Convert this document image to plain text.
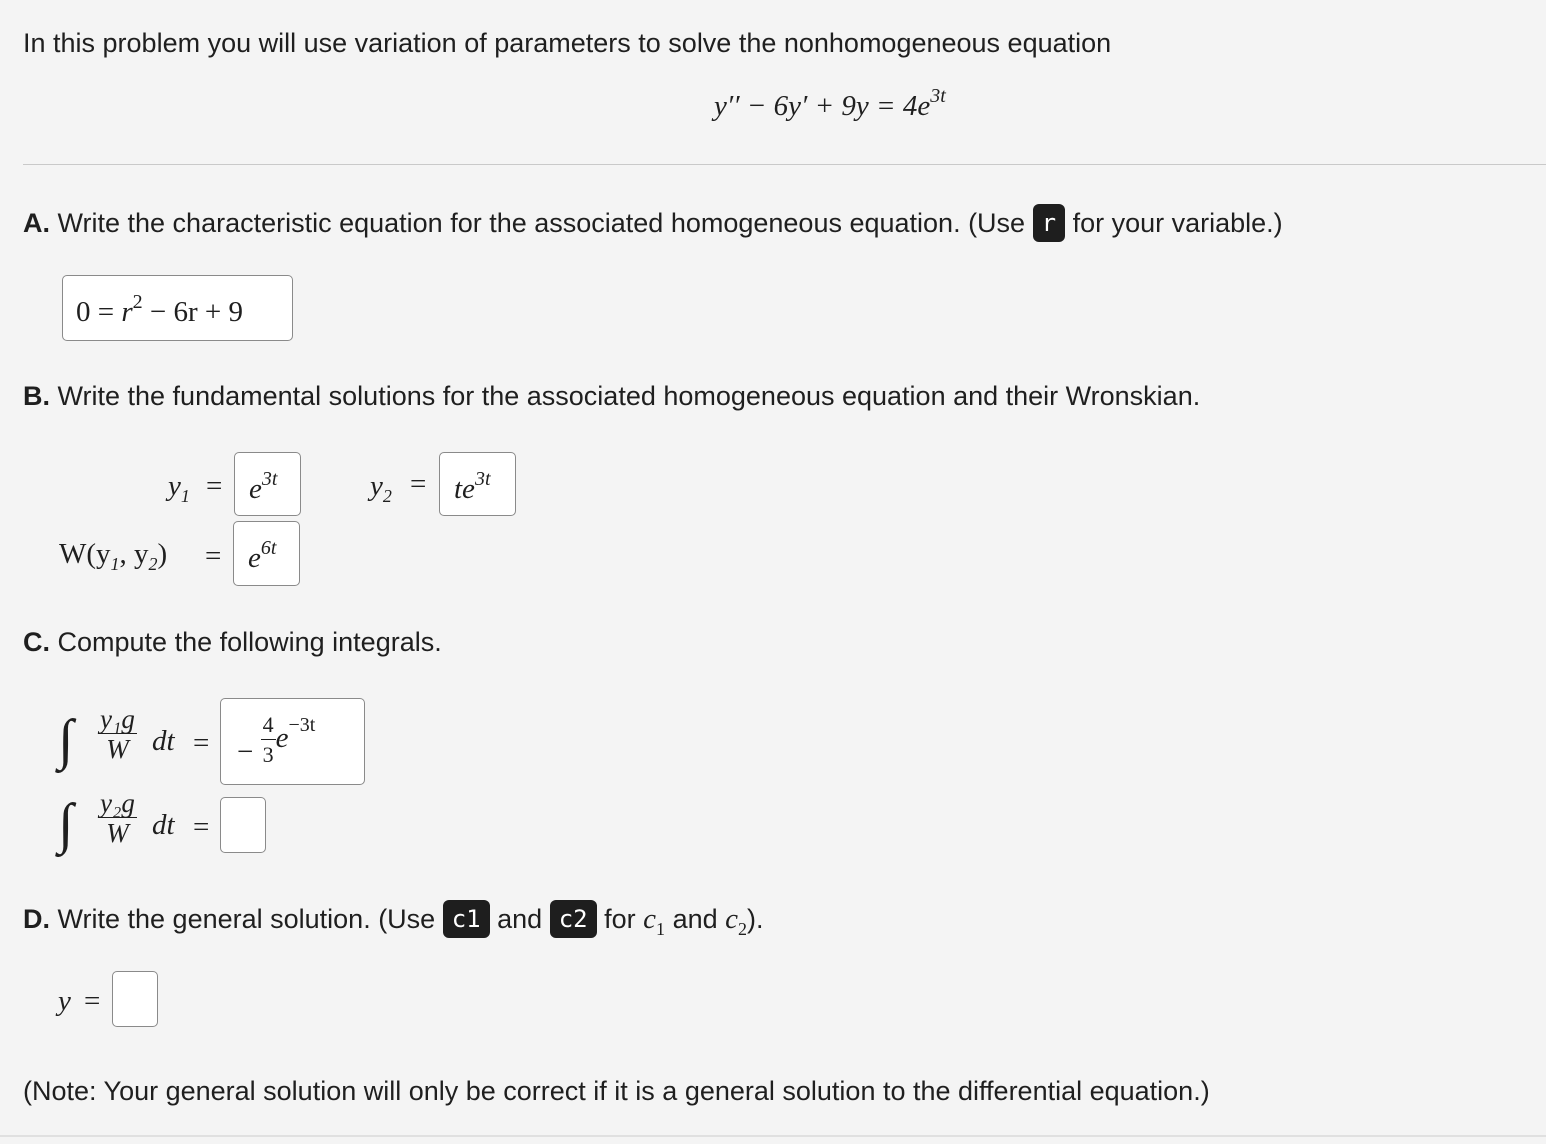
In this problem you will use variation of parameters to solve the nonhomogeneous equation
$y'' - 6y' + 9y = 4e^{3t}$
A. Write the characteristic equation for the associated homogeneous equation. (Use r for your variable.)
$0 = r^2 - 6r + 9$
B. Write the fundamental solutions for the associated homogeneous equation and their Wronskian.
$y_1 = e^{3t}$	$y_2 = te^{3t}$
$W(y_1$, $y_2) = e^{6t}$
C. Compute the following integrals.
∫ $\frac{\text{y₁g}}{W}$ dt = − $\frac{4}{3} e^{-3t}$
∫ $\frac{\text{y₂g}}{W}$ dt =
D. Write the general solution. (Use c1 and c2 for $c_1$ and $c_2$).
y =
(Note: Your general solution will only be correct if it is a general solution to the differential equation.)
